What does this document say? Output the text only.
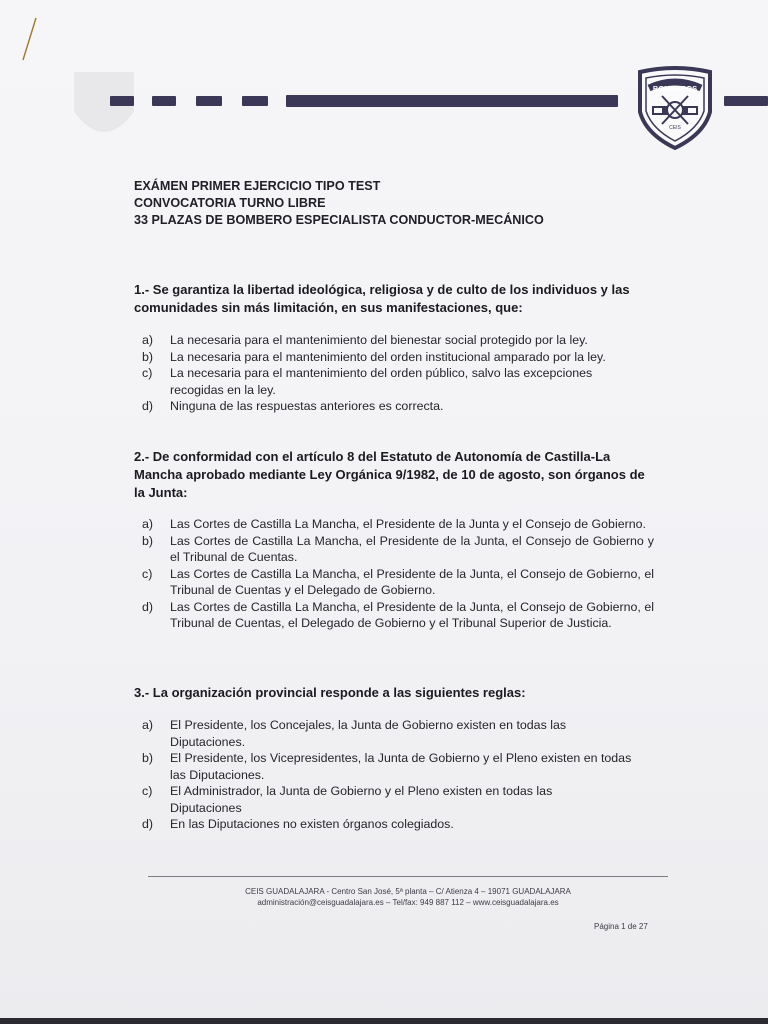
BOMBEROS
CEIS
EXÁMEN PRIMER EJERCICIO TIPO TEST
CONVOCATORIA TURNO LIBRE
33 PLAZAS DE BOMBERO ESPECIALISTA CONDUCTOR-MECÁNICO

1.- Se garantiza la libertad ideológica, religiosa y de culto de los individuos y las comunidades sin más limitación, en sus manifestaciones, que:

a) La necesaria para el mantenimiento del bienestar social protegido por la ley.
b) La necesaria para el mantenimiento del orden institucional amparado por la ley.
c) La necesaria para el mantenimiento del orden público, salvo las excepciones recogidas en la ley.
d) Ninguna de las respuestas anteriores es correcta.

2.- De conformidad con el artículo 8 del Estatuto de Autonomía de Castilla-La Mancha aprobado mediante Ley Orgánica 9/1982, de 10 de agosto, son órganos de la Junta:

a) Las Cortes de Castilla La Mancha, el Presidente de la Junta y el Consejo de Gobierno.
b) Las Cortes de Castilla La Mancha, el Presidente de la Junta, el Consejo de Gobierno y el Tribunal de Cuentas.
c) Las Cortes de Castilla La Mancha, el Presidente de la Junta, el Consejo de Gobierno, el Tribunal de Cuentas y el Delegado de Gobierno.
d) Las Cortes de Castilla La Mancha, el Presidente de la Junta, el Consejo de Gobierno, el Tribunal de Cuentas, el Delegado de Gobierno y el Tribunal Superior de Justicia.

3.- La organización provincial responde a las siguientes reglas:

a) El Presidente, los Concejales, la Junta de Gobierno existen en todas las Diputaciones.
b) El Presidente, los Vicepresidentes, la Junta de Gobierno y el Pleno existen en todas las Diputaciones.
c) El Administrador, la Junta de Gobierno y el Pleno existen en todas las Diputaciones
d) En las Diputaciones no existen órganos colegiados.
CEIS GUADALAJARA - Centro San José, 5ª planta – C/ Atienza 4 – 19071 GUADALAJARA
administración@ceisguadalajara.es – Tel/fax: 949 887 112 – www.ceisguadalajara.es
Página 1 de 27
